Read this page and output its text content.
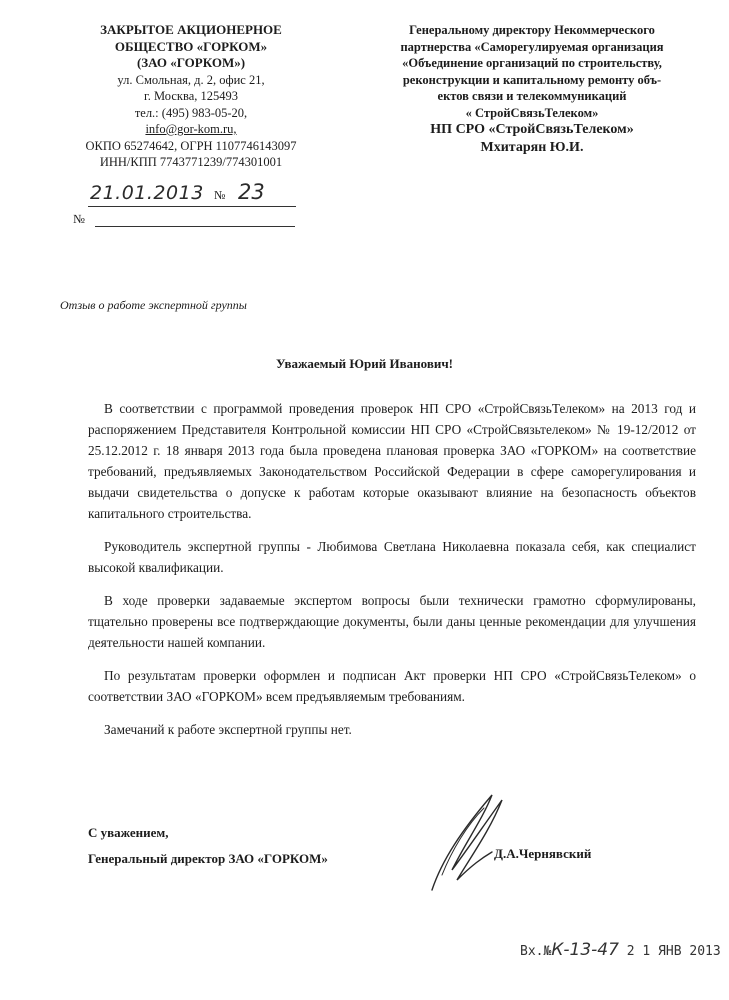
ЗАКРЫТОЕ АКЦИОНЕРНОЕ
ОБЩЕСТВО «ГОРКОМ»
(ЗАО «ГОРКОМ»)
ул. Смольная, д. 2, офис 21,
г. Москва, 125493
тел.: (495) 983-05-20,
info@gor-kom.ru,
ОКПО 65274642, ОГРН 1107746143097
ИНН/КПП 7743771239/774301001
Генеральному директору Некоммерческого
партнерства «Саморегулируемая организация
«Объединение организаций по строительству,
реконструкции и капитальному ремонту объ-
ектов связи и телекоммуникаций
« СтройСвязьТелеком»
НП СРО «СтройСвязьТелеком»
Мхитарян Ю.И.
21.01.2013 № 23
№
Отзыв о работе экспертной группы
Уважаемый Юрий Иванович!

В соответствии с программой проведения проверок НП СРО «СтройСвязьТелеком» на 2013 год и распоряжением Представителя Контрольной комиссии НП СРО «СтройСвязьтелеком» № 19-12/2012 от 25.12.2012 г. 18 января 2013 года была проведена плановая проверка ЗАО «ГОРКОМ» на соответствие требований, предъявляемых Законодательством Российской Федерации в сфере саморегулирования и выдачи свидетельства о допуске к работам которые оказывают влияние на безопасность объектов капитального строительства.

Руководитель экспертной группы - Любимова Светлана Николаевна показала себя, как специалист высокой квалификации.

В ходе проверки задаваемые экспертом вопросы были технически грамотно сформулированы, тщательно проверены все подтверждающие документы, были даны ценные рекомендации для улучшения деятельности нашей компании.

По результатам проверки оформлен и подписан Акт проверки НП СРО «СтройСвязьТелеком» о соответствии ЗАО «ГОРКОМ» всем предъявляемым требованиям.

Замечаний к работе экспертной группы нет.

С уважением,
Генеральный директор ЗАО «ГОРКОМ»	Д.А.Чернявский
Вх.№К-13-47 2 1 ЯНВ 2013
